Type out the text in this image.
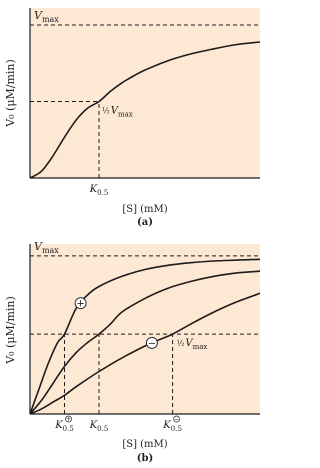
$V_{max}$
$\frac{1}{2}V_{max}$
$K_{0.5}$
V₀ (μM/min)
[S] (mM)
(a)
+
−
$V_{max}$
$\frac{1}{2}V_{max}$
$K_{0.5}$
+
$K_{0.5}$	$K_{0.5}$
−
V₀ (μM/min)
[S] (mM)
(b)
